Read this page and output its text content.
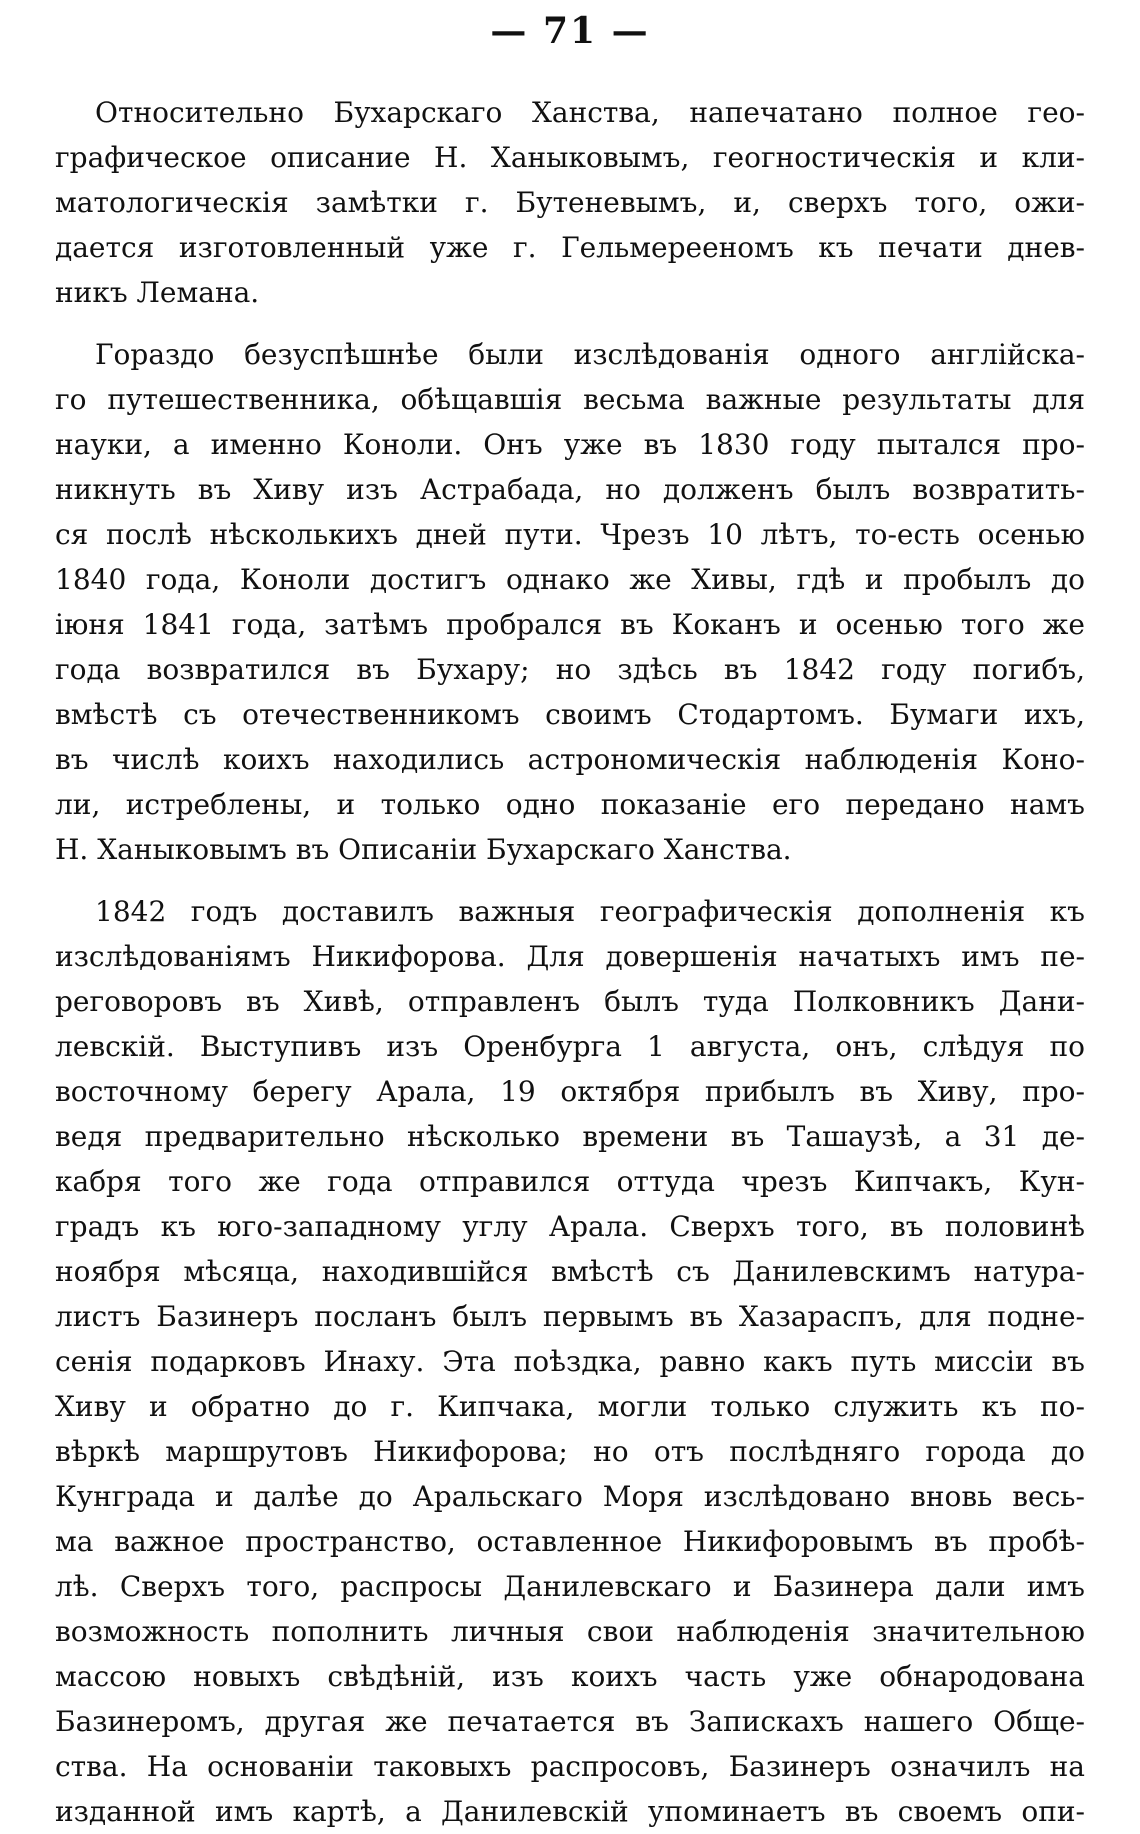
— 71 —
Относительно Бухарскаго Ханства, напечатано полное гео-
графическое описание Н. Ханыковымъ, геогностическія и кли-
матологическія замѣтки г. Бутеневымъ, и, сверхъ того, ожи-
дается изготовленный уже г. Гельмерееномъ къ печати днев-
никъ Лемана.
Гораздо безуспѣшнѣе были изслѣдованія одного англійска-
го путешественника, обѣщавшія весьма важные результаты для
науки, а именно Коноли. Онъ уже въ 1830 году пытался про-
никнуть въ Хиву изъ Астрабада, но долженъ былъ возвратить-
ся послѣ нѣсколькихъ дней пути. Чрезъ 10 лѣтъ, то-есть осенью
1840 года, Коноли достигъ однако же Хивы, гдѣ и пробылъ до
іюня 1841 года, затѣмъ пробрался въ Коканъ и осенью того же
года возвратился въ Бухару; но здѣсь въ 1842 году погибъ,
вмѣстѣ съ отечественникомъ своимъ Стодартомъ. Бумаги ихъ,
въ числѣ коихъ находились астрономическія наблюденія Коно-
ли, истреблены, и только одно показаніе его передано намъ
Н. Ханыковымъ въ Описаніи Бухарскаго Ханства.
1842 годъ доставилъ важныя географическія дополненія къ
изслѣдованіямъ Никифорова. Для довершенія начатыхъ имъ пе-
реговоровъ въ Хивѣ, отправленъ былъ туда Полковникъ Дани-
левскій. Выступивъ изъ Оренбурга 1 августа, онъ, слѣдуя по
восточному берегу Арала, 19 октября прибылъ въ Хиву, про-
ведя предварительно нѣсколько времени въ Ташаузѣ, а 31 де-
кабря того же года отправился оттуда чрезъ Кипчакъ, Кун-
градъ къ юго-западному углу Арала. Сверхъ того, въ половинѣ
ноября мѣсяца, находившійся вмѣстѣ съ Данилевскимъ натура-
листъ Базинеръ посланъ былъ первымъ въ Хазараспъ, для поднe-
сенія подарковъ Инаху. Эта поѣздка, равно какъ путь миссіи въ
Хиву и обратно до г. Кипчака, могли только служить къ по-
вѣркѣ маршрутовъ Никифорова; но отъ послѣдняго города до
Кунграда и далѣе до Аральскаго Моря изслѣдовано вновь весь-
ма важное пространство, оставленное Никифоровымъ въ пробѣ-
лѣ. Сверхъ того, распросы Данилевскаго и Базинера дали имъ
возможность пополнить личныя свои наблюденія значительною
массою новыхъ свѣдѣній, изъ коихъ часть уже обнародована
Базинеромъ, другая же печатается въ Запискахъ нашего Обще-
ства. На основаніи таковыхъ распросовъ, Базинеръ означилъ на
изданной имъ картѣ, а Данилевскій упоминаетъ въ своемъ опи-
